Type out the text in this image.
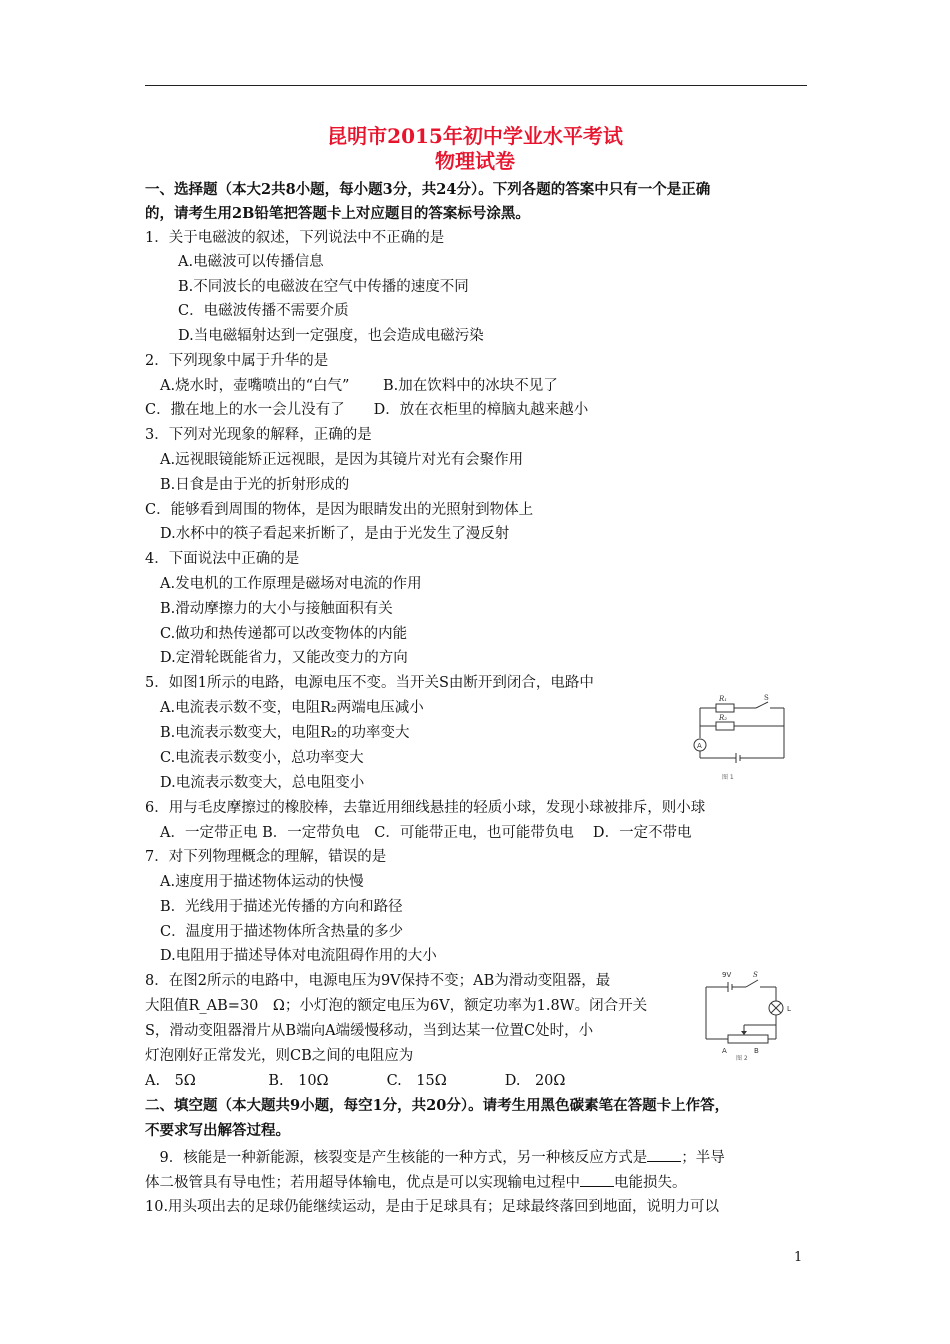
昆明市2015年初中学业水平考试
物理试卷
一、选择题（本大2共8小题，每小题3分，共24分）。下列各题的答案中只有一个是正确
的，请考生用2B铅笔把答题卡上对应题目的答案标号涂黑。
1．关于电磁波的叙述，下列说法中不正确的是
A.电磁波可以传播信息
B.不同波长的电磁波在空气中传播的速度不同
C．电磁波传播不需要介质
D.当电磁辐射达到一定强度，也会造成电磁污染
2．下列现象中属于升华的是
A.烧水时，壶嘴喷出的“白气”　　 B.加在饮料中的冰块不见了
C．撒在地上的水一会儿没有了　　D．放在衣柜里的樟脑丸越来越小
3．下列对光现象的解释，正确的是
A.远视眼镜能矫正远视眼，是因为其镜片对光有会聚作用
B.日食是由于光的折射形成的
C．能够看到周围的物体，是因为眼睛发出的光照射到物体上
D.水杯中的筷子看起来折断了，是由于光发生了漫反射
4．下面说法中正确的是
A.发电机的工作原理是磁场对电流的作用
B.滑动摩擦力的大小与接触面积有关
C.做功和热传递都可以改变物体的内能
D.定滑轮既能省力，又能改变力的方向
5．如图1所示的电路，电源电压不变。当开关S由断开到闭合，电路中
A.电流表示数不变，电阻R₂两端电压减小
B.电流表示数变大，电阻R₂的功率变大
C.电流表示数变小，总功率变大
D.电流表示数变大，总电阻变小
R₁
R₂
S
A
图 1
6．用与毛皮摩擦过的橡胶棒，去靠近用细线悬挂的轻质小球，发现小球被排斥，则小球
A．一定带正电 B．一定带负电　C．可能带正电，也可能带负电　 D．一定不带电
7．对下列物理概念的理解，错误的是
A.速度用于描述物体运动的快慢
B．光线用于描述光传播的方向和路径
C．温度用于描述物体所含热量的多少
D.电阻用于描述导体对电流阻碍作用的大小
8．在图2所示的电路中，电源电压为9V保持不变；AB为滑动变阻器，最
大阻值R_AB=30　Ω；小灯泡的额定电压为6V，额定功率为1.8W。闭合开关
S，滑动变阻器滑片从B端向A端缓慢移动，当到达某一位置C处时，小
灯泡刚好正常发光，则CB之间的电阻应为
A.　5Ω　　　　　B.　10Ω　　　　C.　15Ω　　　　D.　20Ω
9V	S
L
A	B
图 2
二、填空题（本大题共9小题，每空1分，共20分）。请考生用黑色碳素笔在答题卡上作答，
不要求写出解答过程。
　9．核能是一种新能源，核裂变是产生核能的一种方式，另一种核反应方式是 ；半导
体二极管具有导电性；若用超导体输电，优点是可以实现输电过程中 电能损失。
10.用头项出去的足球仍能继续运动，是由于足球具有；足球最终落回到地面，说明力可以
1
